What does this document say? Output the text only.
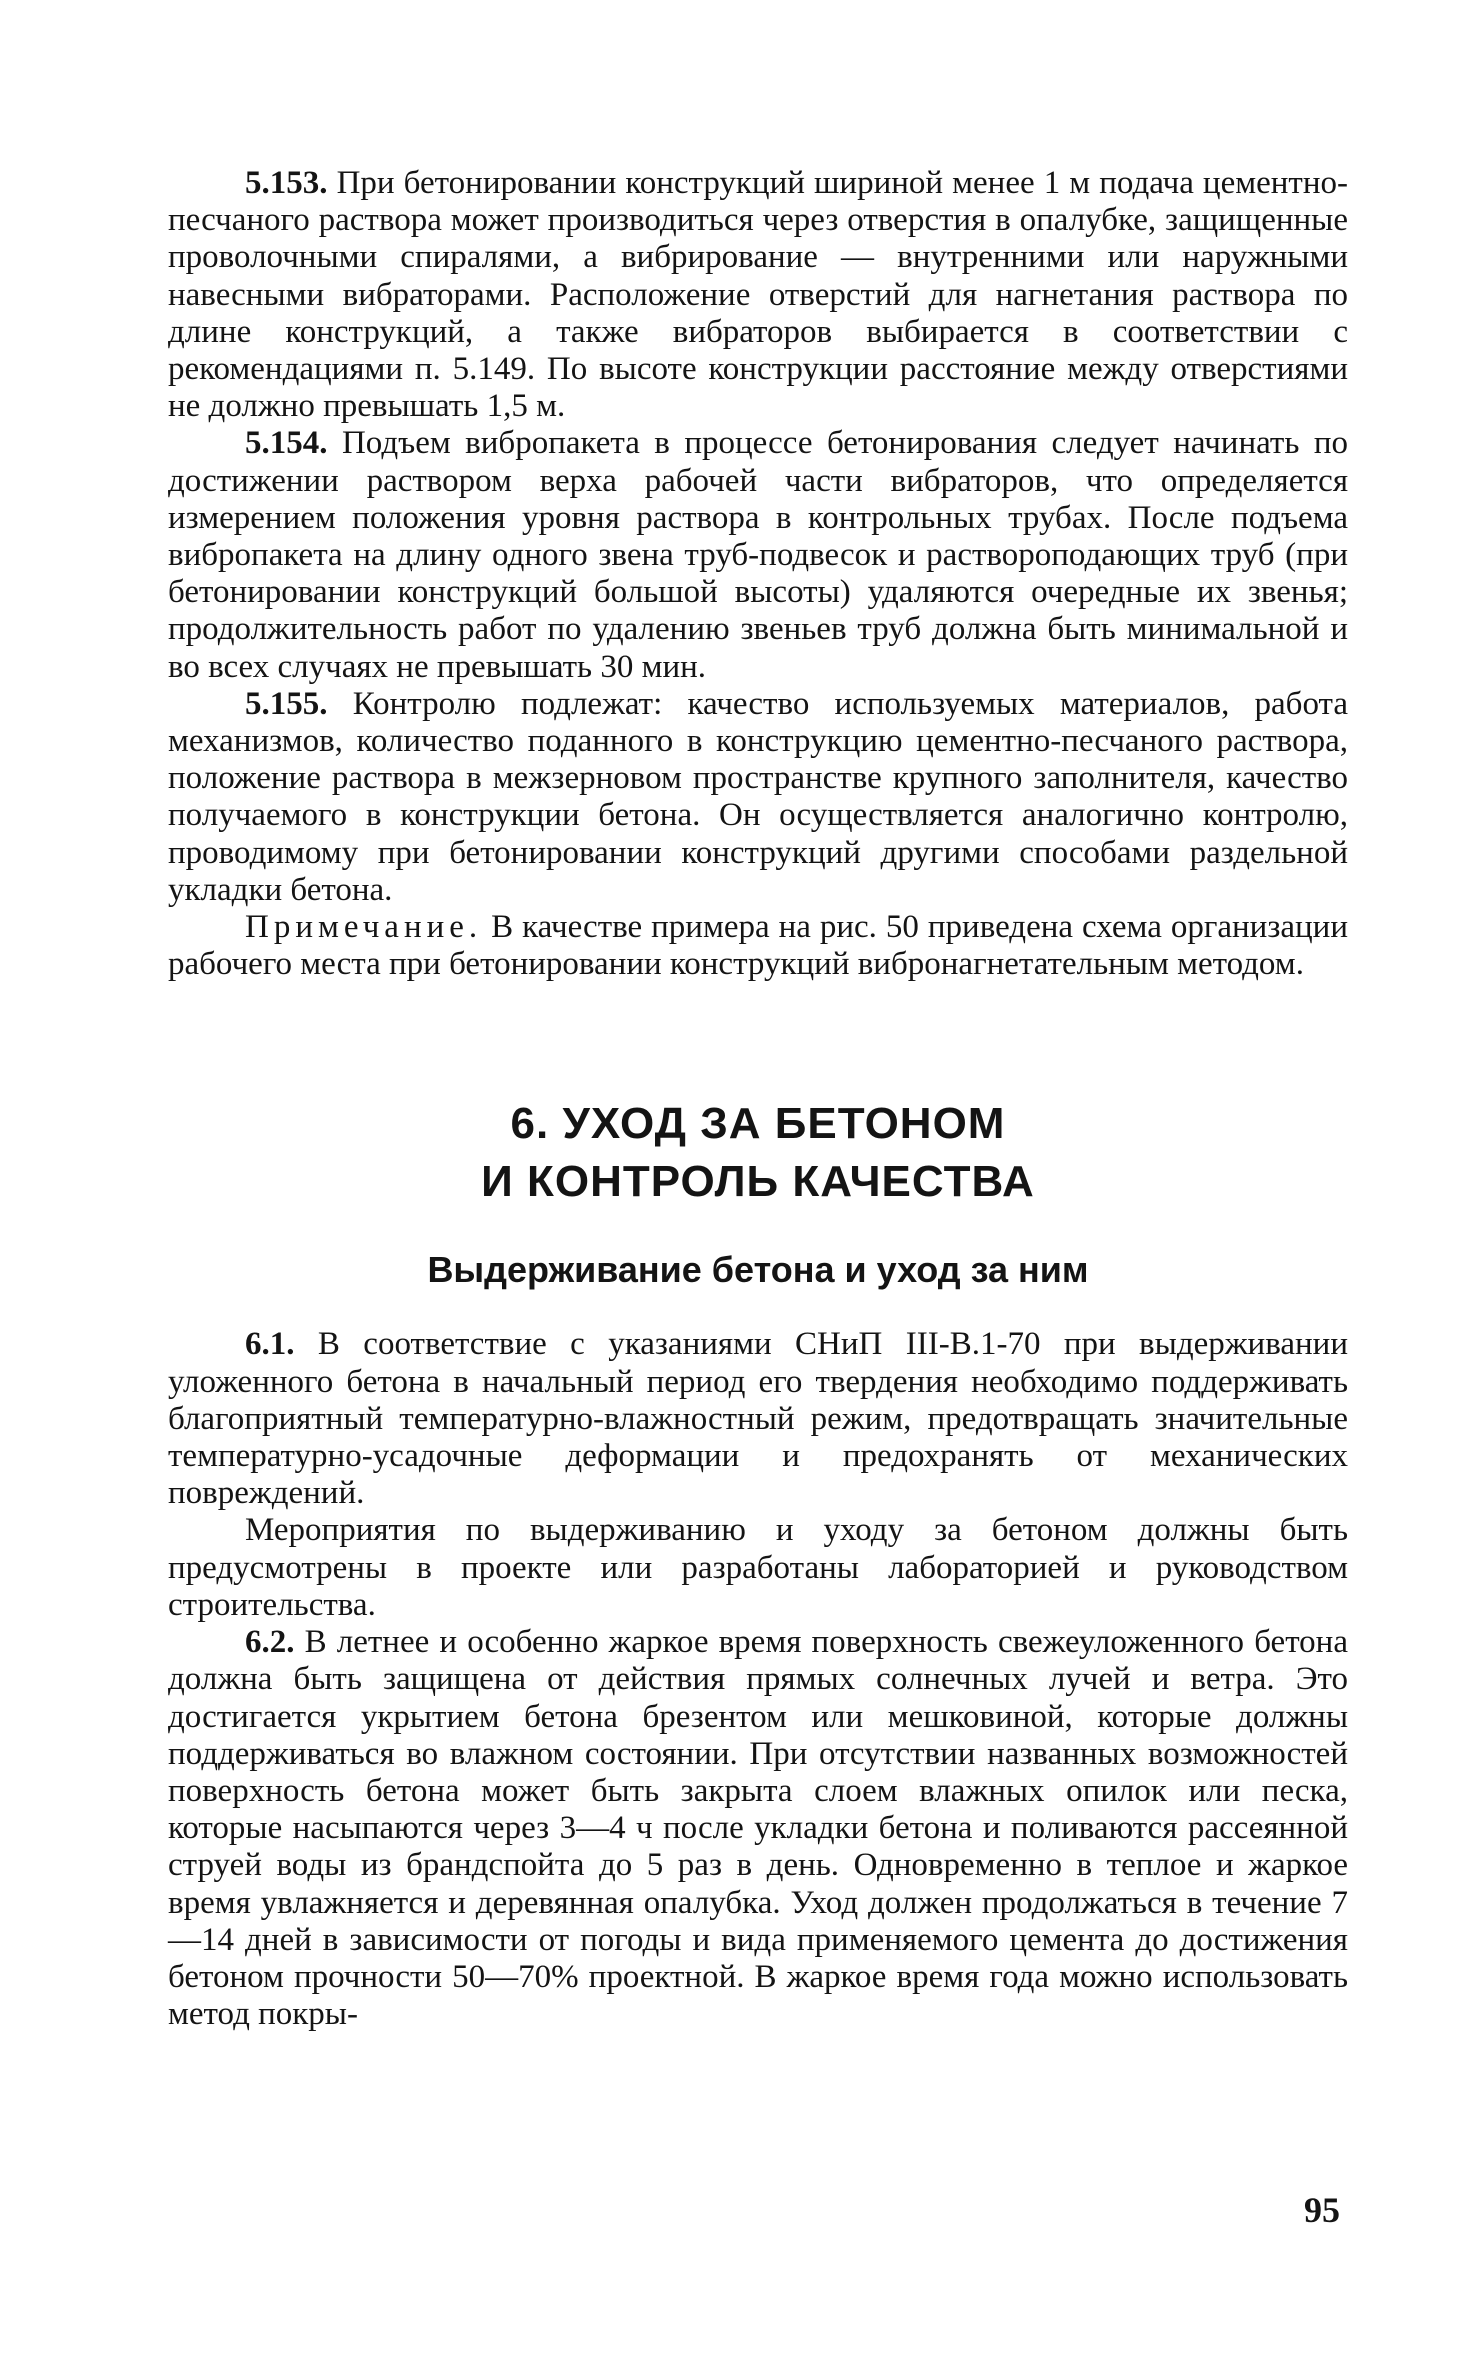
5.153. При бетонировании конструкций шириной менее 1 м подача цементно-песчаного раствора может производиться через отверстия в опалубке, защищенные проволочными спиралями, а вибрирование — внутренними или наружными навесными вибраторами. Расположение отверстий для нагнетания раствора по длине конструкций, а также вибраторов выбирается в соответствии с рекомендациями п. 5.149. По высоте конструкции расстояние между отверстиями не должно превышать 1,5 м.

5.154. Подъем вибропакета в процессе бетонирования следует начинать по достижении раствором верха рабочей части вибраторов, что определяется измерением положения уровня раствора в контрольных трубах. После подъема вибропакета на длину одного звена труб-подвесок и растворoподающих труб (при бетонировании конструкций большой высоты) удаляются очередные их звенья; продолжительность работ по удалению звеньев труб должна быть минимальной и во всех случаях не превышать 30 мин.

5.155. Контролю подлежат: качество используемых материалов, работа механизмов, количество поданного в конструкцию цементно-песчаного раствора, положение раствора в межзерновом пространстве крупного заполнителя, качество получаемого в конструкции бетона. Он осуществляется аналогично контролю, проводимому при бетонировании конструкций другими способами раздельной укладки бетона.

Примечание. В качестве примера на рис. 50 приведена схема организации рабочего места при бетонировании конструкций вибронагнетательным методом.

6. УХОД ЗА БЕТОНОМ
И КОНТРОЛЬ КАЧЕСТВА
Выдерживание бетона и уход за ним

6.1. В соответствие с указаниями СНиП III-В.1-70 при выдерживании уложенного бетона в начальный период его твердения необходимо поддерживать благоприятный температурно-влажностный режим, предотвращать значительные температурно-усадочные деформации и предохранять от механических повреждений.

Мероприятия по выдерживанию и уходу за бетоном должны быть предусмотрены в проекте или разработаны лабораторией и руководством строительства.

6.2. В летнее и особенно жаркое время поверхность свежеуложенного бетона должна быть защищена от действия прямых солнечных лучей и ветра. Это достигается укрытием бетона брезентом или мешковиной, которые должны поддерживаться во влажном состоянии. При отсутствии названных возможностей поверхность бетона может быть закрыта слоем влажных опилок или песка, которые насыпаются через 3—4 ч после укладки бетона и поливаются рассеянной струей воды из брандспойта до 5 раз в день. Одновременно в теплое и жаркое время увлажняется и деревянная опалубка. Уход должен продолжаться в течение 7—14 дней в зависимости от погоды и вида применяемого цемента до достижения бетоном прочности 50—70% проектной. В жаркое время года можно использовать метод покры-

95
